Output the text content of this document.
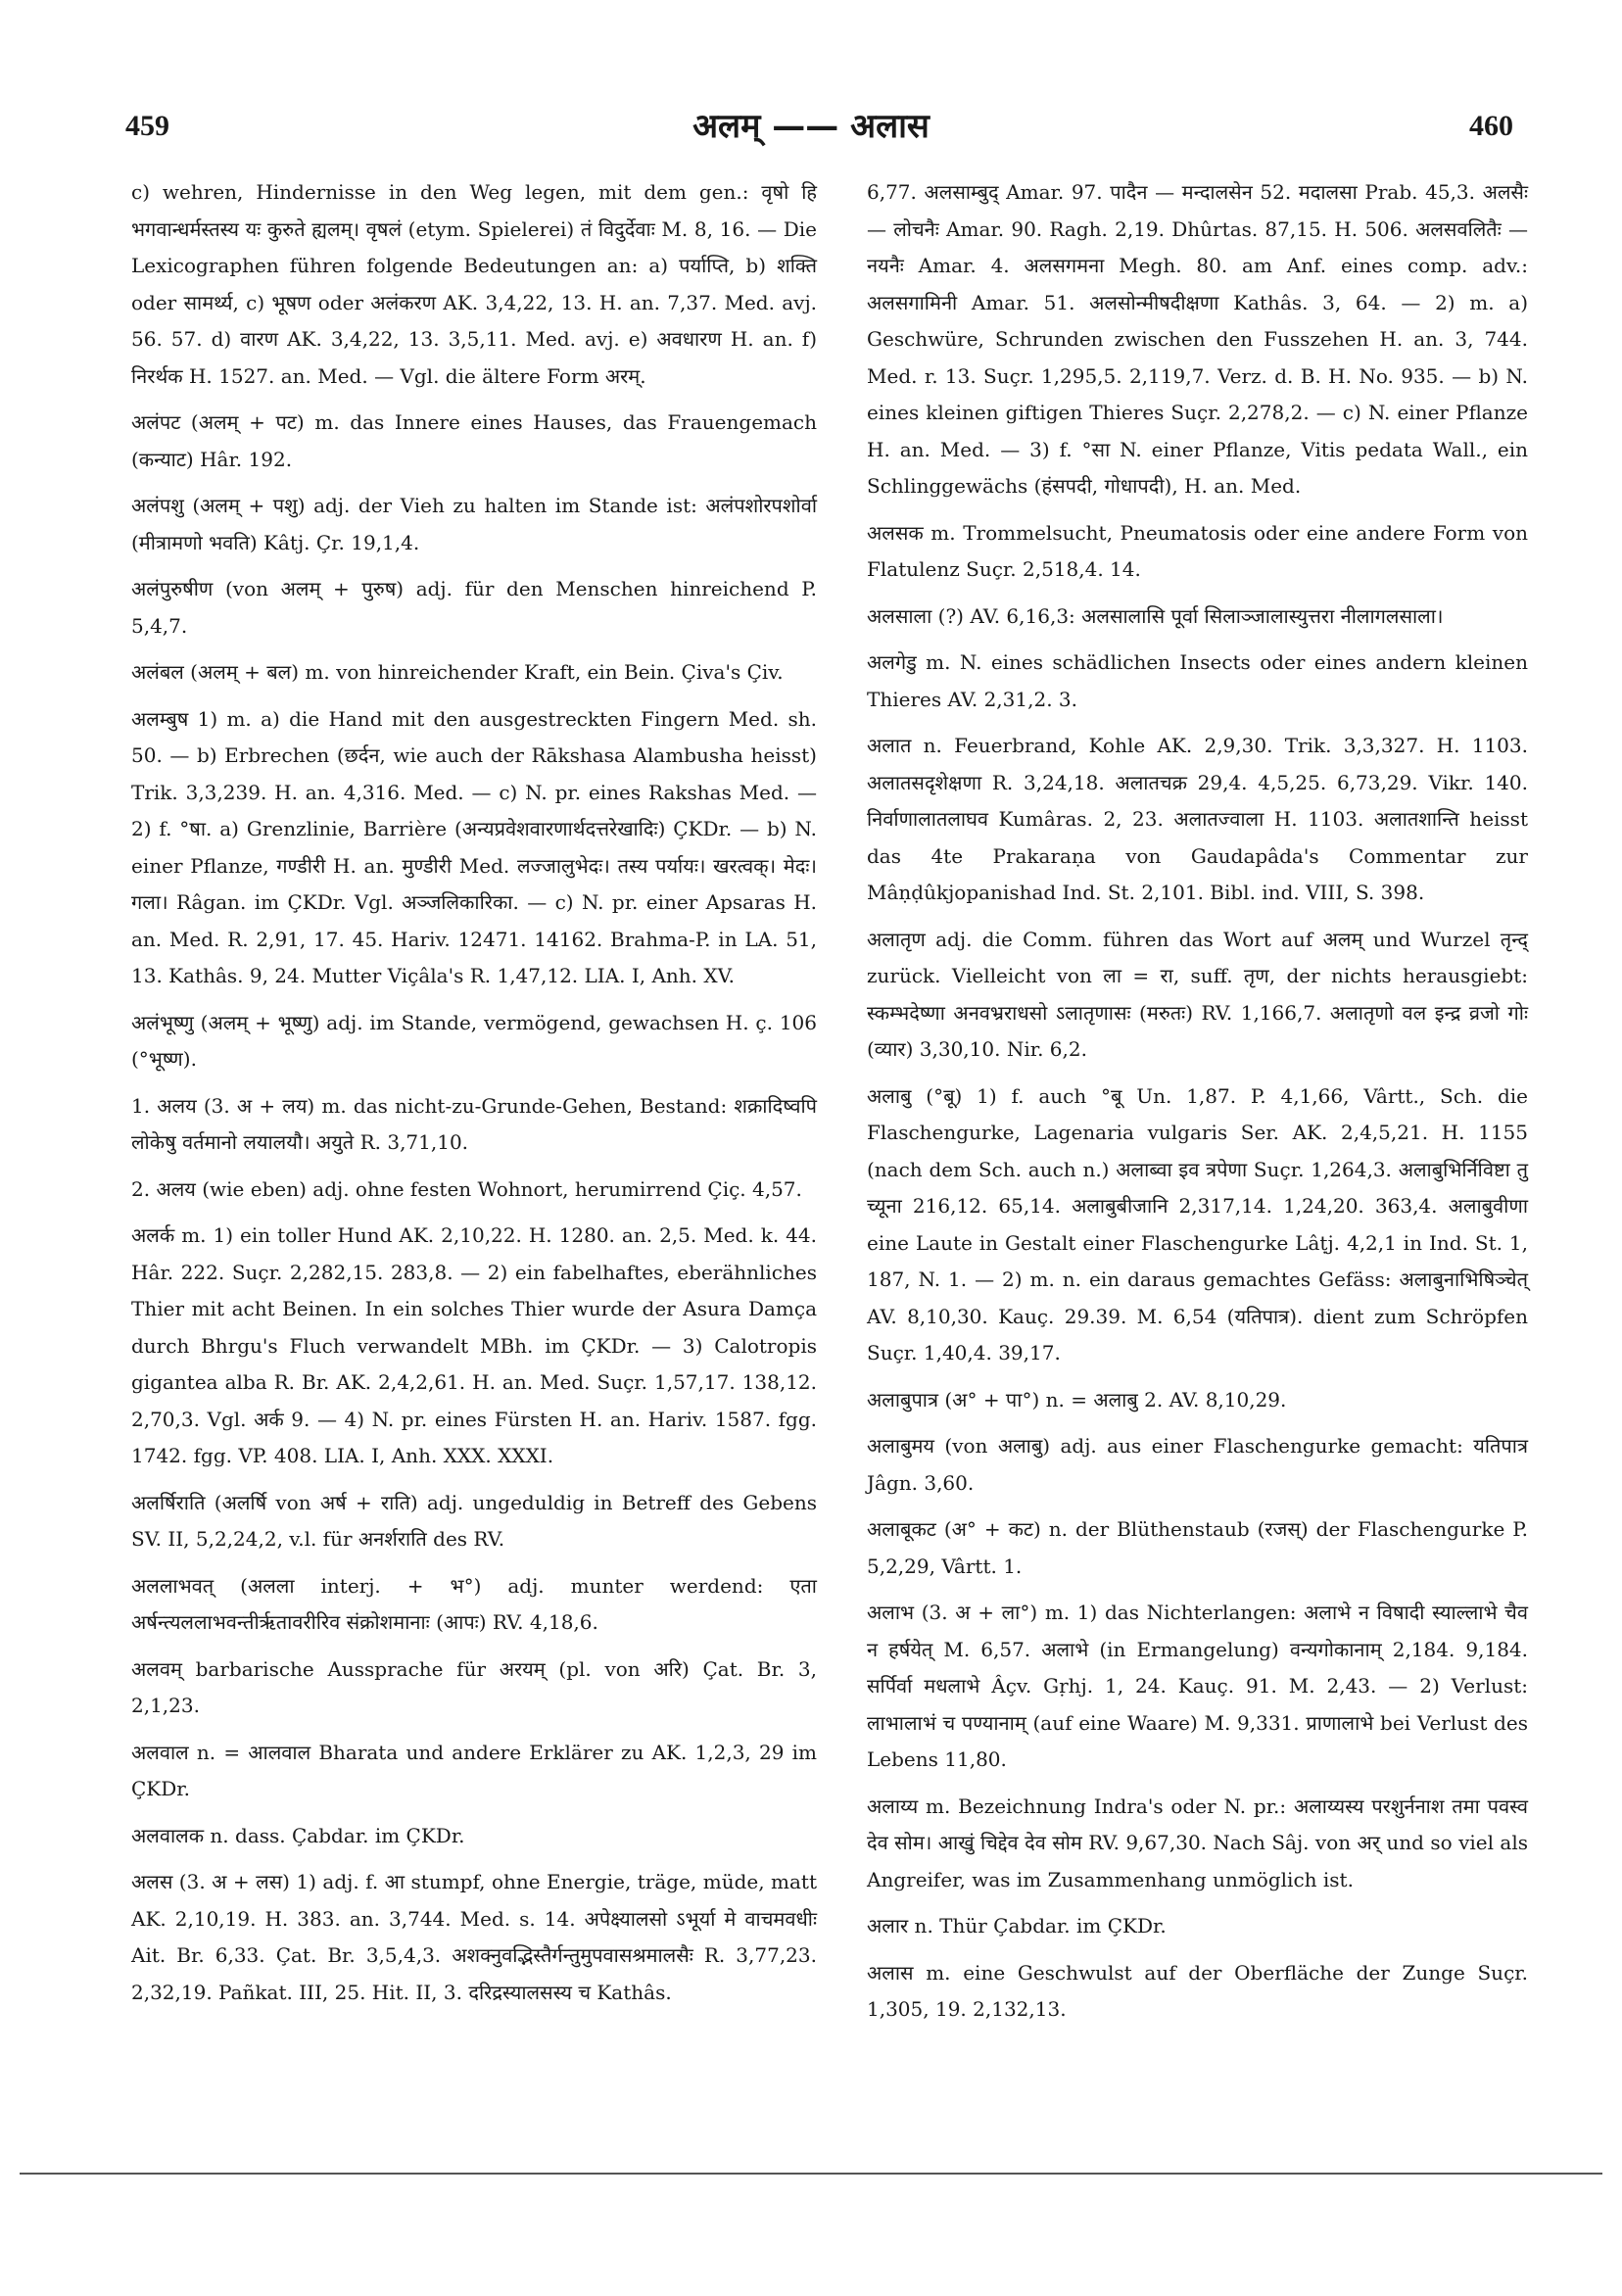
459	अलम् —— अलास	460

c) wehren, Hindernisse in den Weg legen, mit dem gen.: वृषो हि भगवान्धर्मस्तस्य यः कुरुते ह्यलम्। वृषलं (etym. Spielerei) तं विदुर्देवाः M. 8, 16. — Die Lexicographen führen folgende Bedeutungen an: a) पर्याप्ति, b) शक्ति oder सामर्थ्य, c) भूषण oder अलंकरण AK. 3,4,22, 13. H. an. 7,37. Med. avj. 56. 57. d) वारण AK. 3,4,22, 13. 3,5,11. Med. avj. e) अवधारण H. an. f) निरर्थक H. 1527. an. Med. — Vgl. die ältere Form अरम्.

अलंपट (अलम् + पट) m. das Innere eines Hauses, das Frauengemach (कन्याट) Hâr. 192.

अलंपशु (अलम् + पशु) adj. der Vieh zu halten im Stande ist: अलंपशोरपशोर्वा (मीत्रामणो भवति) Kâtj. Çr. 19,1,4.

अलंपुरुषीण (von अलम् + पुरुष) adj. für den Menschen hinreichend P. 5,4,7.

अलंबल (अलम् + बल) m. von hinreichender Kraft, ein Bein. Çiva's Çiv.

अलम्बुष 1) m. a) die Hand mit den ausgestreckten Fingern Med. sh. 50. — b) Erbrechen (छर्दन, wie auch der Rākshasa Alambusha heisst) Trik. 3,3,239. H. an. 4,316. Med. — c) N. pr. eines Rakshas Med. — 2) f. °षा. a) Grenzlinie, Barrière (अन्यप्रवेशवारणार्थदत्तरेखादिः) ÇKDr. — b) N. einer Pflanze, गण्डीरी H. an. मुण्डीरी Med. लज्जालुभेदः। तस्य पर्यायः। खरत्वक्। मेदः। गला। Râgan. im ÇKDr. Vgl. अञ्जलिकारिका. — c) N. pr. einer Apsaras H. an. Med. R. 2,91, 17. 45. Hariv. 12471. 14162. Brahma-P. in LA. 51, 13. Kathâs. 9, 24. Mutter Viçâla's R. 1,47,12. LIA. I, Anh. XV.

अलंभूष्णु (अलम् + भूष्णु) adj. im Stande, vermögend, gewachsen H. ç. 106 (°भूष्ण).

1. अलय (3. अ + लय) m. das nicht-zu-Grunde-Gehen, Bestand: शक्रादिष्वपि लोकेषु वर्तमानो लयालयौ। अयुते R. 3,71,10.

2. अलय (wie eben) adj. ohne festen Wohnort, herumirrend Çiç. 4,57.

अलर्क m. 1) ein toller Hund AK. 2,10,22. H. 1280. an. 2,5. Med. k. 44. Hâr. 222. Suçr. 2,282,15. 283,8. — 2) ein fabelhaftes, eberähnliches Thier mit acht Beinen. In ein solches Thier wurde der Asura Damça durch Bhrgu's Fluch verwandelt MBh. im ÇKDr. — 3) Calotropis gigantea alba R. Br. AK. 2,4,2,61. H. an. Med. Suçr. 1,57,17. 138,12. 2,70,3. Vgl. अर्क 9. — 4) N. pr. eines Fürsten H. an. Hariv. 1587. fgg. 1742. fgg. VP. 408. LIA. I, Anh. XXX. XXXI.

अलर्षिराति (अलर्षि von अर्ष + राति) adj. ungeduldig in Betreff des Gebens SV. II, 5,2,24,2, v.l. für अनर्शराति des RV.

अललाभवत् (अलला interj. + भ°) adj. munter werdend: एता अर्षन्त्यललाभवन्तीर्ऋतावरीरिव संक्रोशमानाः (आपः) RV. 4,18,6.

अलवम् barbarische Aussprache für अरयम् (pl. von अरि) Çat. Br. 3, 2,1,23.

अलवाल n. = आलवाल Bharata und andere Erklärer zu AK. 1,2,3, 29 im ÇKDr.

अलवालक n. dass. Çabdar. im ÇKDr.

अलस (3. अ + लस) 1) adj. f. आ stumpf, ohne Energie, träge, müde, matt AK. 2,10,19. H. 383. an. 3,744. Med. s. 14. अपेक्ष्यालसो ऽभूर्या मे वाचमवधीः Ait. Br. 6,33. Çat. Br. 3,5,4,3. अशक्नुवद्भिस्तैर्गन्तुमुपवासश्रमालसैः R. 3,77,23. 2,32,19. Pañkat. III, 25. Hit. II, 3. दरिद्रस्यालसस्य च Kathâs.

6,77. अलसाम्बुद् Amar. 97. पादैन — मन्दालसेन 52. मदालसा Prab. 45,3. अलसैः — लोचनैः Amar. 90. Ragh. 2,19. Dhûrtas. 87,15. H. 506. अलसवलितैः — नयनैः Amar. 4. अलसगमना Megh. 80. am Anf. eines comp. adv.: अलसगामिनी Amar. 51. अलसोन्मीषदीक्षणा Kathâs. 3, 64. — 2) m. a) Geschwüre, Schrunden zwischen den Fusszehen H. an. 3, 744. Med. r. 13. Suçr. 1,295,5. 2,119,7. Verz. d. B. H. No. 935. — b) N. eines kleinen giftigen Thieres Suçr. 2,278,2. — c) N. einer Pflanze H. an. Med. — 3) f. °सा N. einer Pflanze, Vitis pedata Wall., ein Schlinggewächs (हंसपदी, गोधापदी), H. an. Med.

अलसक m. Trommelsucht, Pneumatosis oder eine andere Form von Flatulenz Suçr. 2,518,4. 14.

अलसाला (?) AV. 6,16,3: अलसालासि पूर्वा सिलाञ्जालास्युत्तरा नीलागलसाला।

अलगेडु m. N. eines schädlichen Insects oder eines andern kleinen Thieres AV. 2,31,2. 3.

अलात n. Feuerbrand, Kohle AK. 2,9,30. Trik. 3,3,327. H. 1103. अलातसदृशेक्षणा R. 3,24,18. अलातचक्र 29,4. 4,5,25. 6,73,29. Vikr. 140. निर्वाणालातलाघव Kumâras. 2, 23. अलातज्वाला H. 1103. अलातशान्ति heisst das 4te Prakaraṇa von Gaudapâda's Commentar zur Mâṇḍûkjopanishad Ind. St. 2,101. Bibl. ind. VIII, S. 398.

अलातृण adj. die Comm. führen das Wort auf अलम् und Wurzel तृन्द् zurück. Vielleicht von ला = रा, suff. तृण, der nichts herausgiebt: स्कम्भदेष्णा अनवभ्रराधसो ऽलातृणासः (मरुतः) RV. 1,166,7. अलातृणो वल इन्द्र व्रजो गोः (व्यार) 3,30,10. Nir. 6,2.

अलाबु (°बू) 1) f. auch °बू Un. 1,87. P. 4,1,66, Vârtt., Sch. die Flaschengurke, Lagenaria vulgaris Ser. AK. 2,4,5,21. H. 1155 (nach dem Sch. auch n.) अलाब्वा इव त्रपेणा Suçr. 1,264,3. अलाबुभिर्निविष्टा तु च्यूना 216,12. 65,14. अलाबुबीजानि 2,317,14. 1,24,20. 363,4. अलाबुवीणा eine Laute in Gestalt einer Flaschengurke Lâṭj. 4,2,1 in Ind. St. 1, 187, N. 1. — 2) m. n. ein daraus gemachtes Gefäss: अलाबुनाभिषिञ्चेत् AV. 8,10,30. Kauç. 29.39. M. 6,54 (यतिपात्र). dient zum Schröpfen Suçr. 1,40,4. 39,17.

अलाबुपात्र (अ° + पा°) n. = अलाबु 2. AV. 8,10,29.

अलाबुमय (von अलाबु) adj. aus einer Flaschengurke gemacht: यतिपात्र Jâgn. 3,60.

अलाबूकट (अ° + कट) n. der Blüthenstaub (रजस्) der Flaschengurke P. 5,2,29, Vârtt. 1.

अलाभ (3. अ + ला°) m. 1) das Nichterlangen: अलाभे न विषादी स्याल्लाभे चैव न हर्षयेत् M. 6,57. अलाभे (in Ermangelung) वन्यगोकानाम् 2,184. 9,184. सर्पिर्वा मधलाभे Âçv. Gṛhj. 1, 24. Kauç. 91. M. 2,43. — 2) Verlust: लाभालाभं च पण्यानाम् (auf eine Waare) M. 9,331. प्राणालाभे bei Verlust des Lebens 11,80.

अलाय्य m. Bezeichnung Indra's oder N. pr.: अलाय्यस्य परशुर्ननाश तमा पवस्व देव सोम। आखुं चिद्देव देव सोम RV. 9,67,30. Nach Sâj. von अर् und so viel als Angreifer, was im Zusammenhang unmöglich ist.

अलार n. Thür Çabdar. im ÇKDr.

अलास m. eine Geschwulst auf der Oberfläche der Zunge Suçr. 1,305, 19. 2,132,13.
